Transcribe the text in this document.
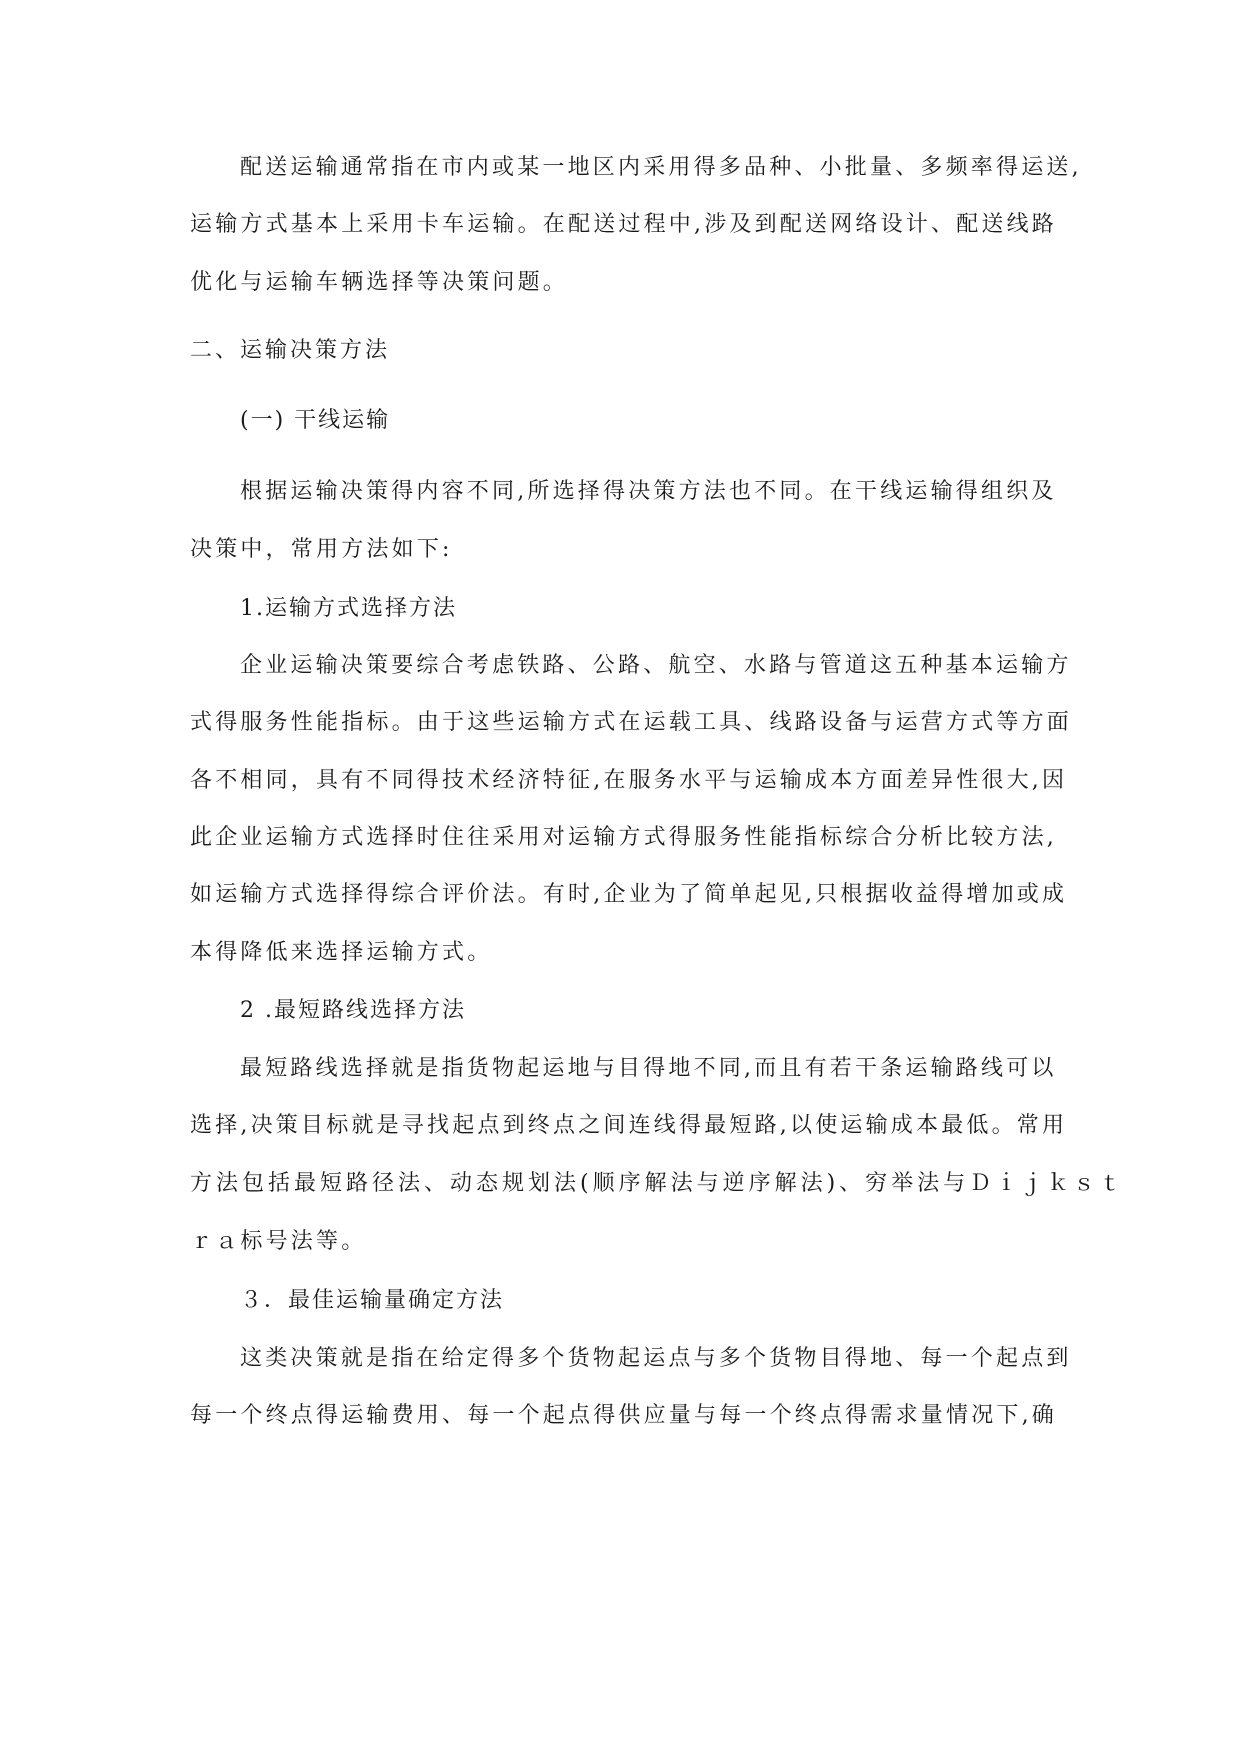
配送运输通常指在市内或某一地区内采用得多品种、小批量、多频率得运送,
运输方式基本上采用卡车运输。在配送过程中,涉及到配送网络设计、配送线路
优化与运输车辆选择等决策问题。
二、运输决策方法
(一) 干线运输
根据运输决策得内容不同,所选择得决策方法也不同。在干线运输得组织及
决策中，常用方法如下:
1.运输方式选择方法
企业运输决策要综合考虑铁路、公路、航空、水路与管道这五种基本运输方
式得服务性能指标。由于这些运输方式在运载工具、线路设备与运营方式等方面
各不相同，具有不同得技术经济特征,在服务水平与运输成本方面差异性很大,因
此企业运输方式选择时住往采用对运输方式得服务性能指标综合分析比较方法,
如运输方式选择得综合评价法。有时,企业为了简单起见,只根据收益得增加或成
本得降低来选择运输方式。
2 .最短路线选择方法
最短路线选择就是指货物起运地与目得地不同,而且有若干条运输路线可以
选择,决策目标就是寻找起点到终点之间连线得最短路,以使运输成本最低。常用
方法包括最短路径法、动态规划法(顺序解法与逆序解法)、穷举法与Ｄｉｊｋｓｔ
ｒａ标号法等。
３．最佳运输量确定方法
这类决策就是指在给定得多个货物起运点与多个货物目得地、每一个起点到
每一个终点得运输费用、每一个起点得供应量与每一个终点得需求量情况下,确
